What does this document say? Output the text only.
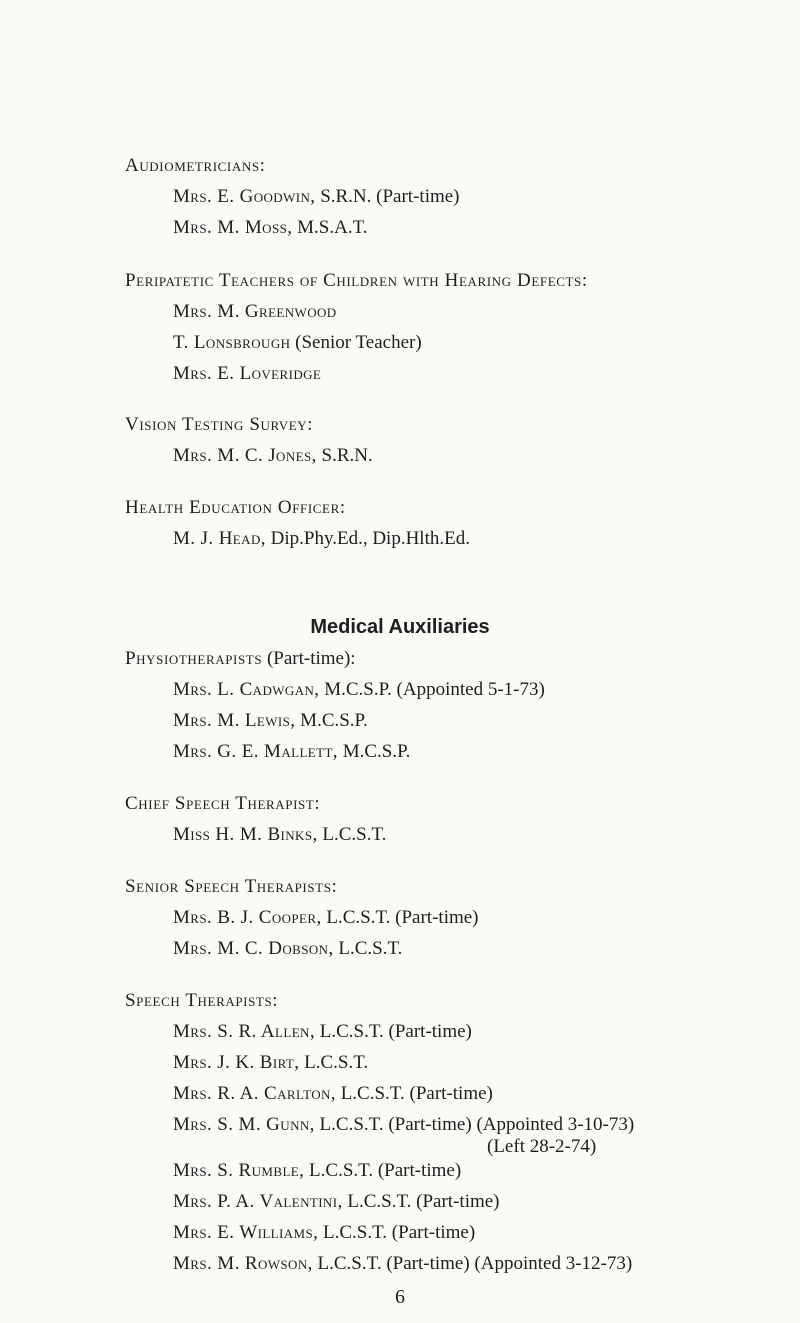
Audiometricians:
Mrs. E. Goodwin, S.R.N. (Part-time)
Mrs. M. Moss, M.S.A.T.
Peripatetic Teachers of Children with Hearing Defects:
Mrs. M. Greenwood
T. Lonsbrough (Senior Teacher)
Mrs. E. Loveridge
Vision Testing Survey:
Mrs. M. C. Jones, S.R.N.
Health Education Officer:
M. J. Head, Dip.Phy.Ed., Dip.Hlth.Ed.
Medical Auxiliaries
Physiotherapists (Part-time):
Mrs. L. Cadwgan, M.C.S.P. (Appointed 5-1-73)
Mrs. M. Lewis, M.C.S.P.
Mrs. G. E. Mallett, M.C.S.P.
Chief Speech Therapist:
Miss H. M. Binks, L.C.S.T.
Senior Speech Therapists:
Mrs. B. J. Cooper, L.C.S.T. (Part-time)
Mrs. M. C. Dobson, L.C.S.T.
Speech Therapists:
Mrs. S. R. Allen, L.C.S.T. (Part-time)
Mrs. J. K. Birt, L.C.S.T.
Mrs. R. A. Carlton, L.C.S.T. (Part-time)
Mrs. S. M. Gunn, L.C.S.T. (Part-time) (Appointed 3-10-73)
(Left 28-2-74)
Mrs. S. Rumble, L.C.S.T. (Part-time)
Mrs. P. A. Valentini, L.C.S.T. (Part-time)
Mrs. E. Williams, L.C.S.T. (Part-time)
Mrs. M. Rowson, L.C.S.T. (Part-time) (Appointed 3-12-73)
6
